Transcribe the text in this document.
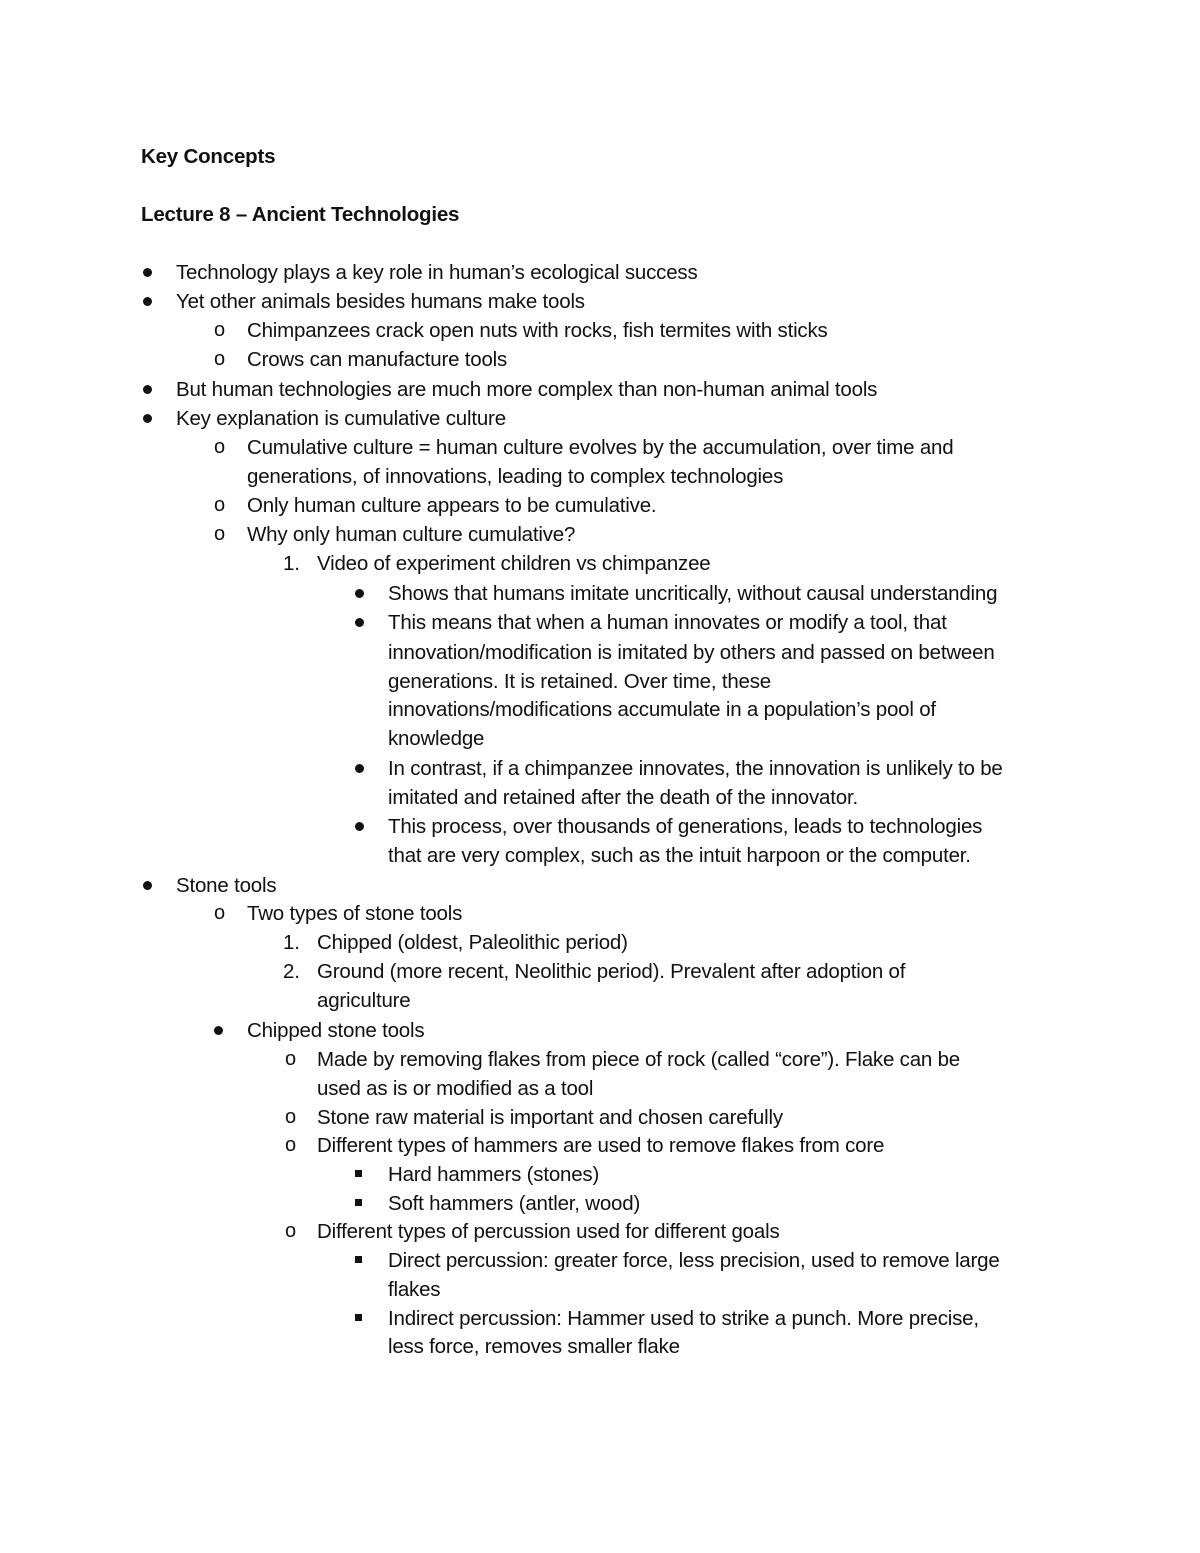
Key Concepts
Lecture 8 – Ancient Technologies
Technology plays a key role in human’s ecological success
Yet other animals besides humans make tools
o Chimpanzees crack open nuts with rocks, fish termites with sticks
o Crows can manufacture tools
But human technologies are much more complex than non-human animal tools
Key explanation is cumulative culture
o Cumulative culture = human culture evolves by the accumulation, over time and
generations, of innovations, leading to complex technologies
o Only human culture appears to be cumulative.
o Why only human culture cumulative?
1. Video of experiment children vs chimpanzee
Shows that humans imitate uncritically, without causal understanding
This means that when a human innovates or modify a tool, that
innovation/modification is imitated by others and passed on between
generations. It is retained. Over time, these
innovations/modifications accumulate in a population’s pool of
knowledge
In contrast, if a chimpanzee innovates, the innovation is unlikely to be
imitated and retained after the death of the innovator.
This process, over thousands of generations, leads to technologies
that are very complex, such as the intuit harpoon or the computer.
Stone tools
o Two types of stone tools
1. Chipped (oldest, Paleolithic period)
2. Ground (more recent, Neolithic period). Prevalent after adoption of
agriculture
Chipped stone tools
o Made by removing flakes from piece of rock (called “core”). Flake can be
used as is or modified as a tool
o Stone raw material is important and chosen carefully
o Different types of hammers are used to remove flakes from core
Hard hammers (stones)
Soft hammers (antler, wood)
o Different types of percussion used for different goals
Direct percussion: greater force, less precision, used to remove large
flakes
Indirect percussion: Hammer used to strike a punch. More precise,
less force, removes smaller flake
